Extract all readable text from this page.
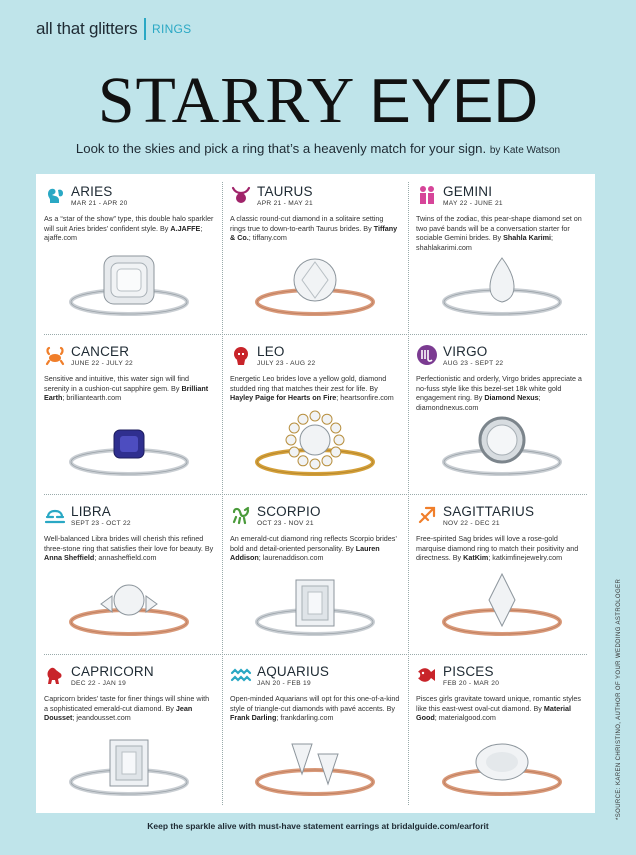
all that glitters RINGS
STARRY EYED
Look to the skies and pick a ring that’s a heavenly match for your sign. by Kate Watson
ARIES
MAR 21 - APR 20
As a “star of the show” type, this double halo sparkler will suit Aries brides’ confident style. By A.JAFFE; ajaffe.com
TAURUS
APR 21 - MAY 21
A classic round-cut diamond in a solitaire setting rings true to down-to-earth Taurus brides. By Tiffany & Co.; tiffany.com
GEMINI
MAY 22 - JUNE 21
Twins of the zodiac, this pear-shape diamond set on two pavé bands will be a conversation starter for sociable Gemini brides. By Shahla Karimi; shahlakarimi.com
CANCER
JUNE 22 - JULY 22
Sensitive and intuitive, this water sign will find serenity in a cushion-cut sapphire gem. By Brilliant Earth; brilliantearth.com
LEO
JULY 23 - AUG 22
Energetic Leo brides love a yellow gold, diamond studded ring that matches their zest for life. By Hayley Paige for Hearts on Fire; heartsonfire.com
VIRGO
AUG 23 - SEPT 22
Perfectionistic and orderly, Virgo brides appreciate a no-fuss style like this bezel-set 18k white gold engagement ring. By Diamond Nexus; diamondnexus.com
LIBRA
SEPT 23 - OCT 22
Well-balanced Libra brides will cherish this refined three-stone ring that satisfies their love for beauty. By Anna Sheffield; annasheffield.com
SCORPIO
OCT 23 - NOV 21
An emerald-cut diamond ring reflects Scorpio brides’ bold and detail-oriented personality. By Lauren Addison; laurenaddison.com
SAGITTARIUS
NOV 22 - DEC 21
Free-spirited Sag brides will love a rose-gold marquise diamond ring to match their positivity and directness. By KatKim; katkimfinejewelry.com
CAPRICORN
DEC 22 - JAN 19
Capricorn brides’ taste for finer things will shine with a sophisticated emerald-cut diamond. By Jean Dousset; jeandousset.com
AQUARIUS
JAN 20 - FEB 19
Open-minded Aquarians will opt for this one-of-a-kind style of triangle-cut diamonds with pavé accents. By Frank Darling; frankdarling.com
PISCES
FEB 20 - MAR 20
Pisces girls gravitate toward unique, romantic styles like this east-west oval-cut diamond. By Material Good; materialgood.com
Keep the sparkle alive with must-have statement earrings at bridalguide.com/earforit
*SOURCE: KAREN CHRISTINO, AUTHOR OF YOUR WEDDING ASTROLOGER
